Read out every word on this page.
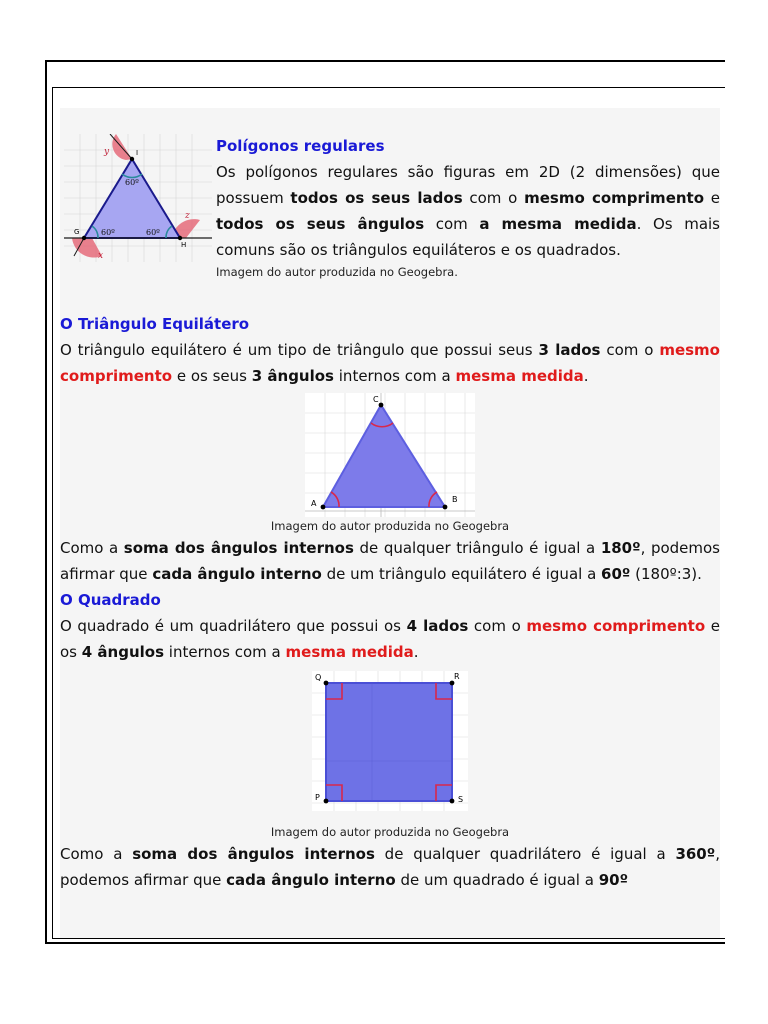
y	I
G
H
x
z
60º
60º	60º

Polígonos regulares

Os polígonos regulares são figuras em 2D (2 dimensões) que possuem todos os seus lados com o mesmo comprimento e todos os seus ângulos com a mesma medida. Os mais comuns são os triângulos equiláteros e os quadrados.

Imagem do autor produzida no Geogebra.

O Triângulo Equilátero

O triângulo equilátero é um tipo de triângulo que possui seus 3 lados com o mesmo comprimento e os seus 3 ângulos internos com a mesma medida.

C
A	B

Imagem do autor produzida no Geogebra

Como a soma dos ângulos internos de qualquer triângulo é igual a 180º, podemos afirmar que cada ângulo interno de um triângulo equilátero é igual a 60º (180º:3).

O Quadrado

O quadrado é um quadrilátero que possui os 4 lados com o mesmo comprimento e os 4 ângulos internos com a mesma medida.

Q	R
P	S

Imagem do autor produzida no Geogebra

Como a soma dos ângulos internos de qualquer quadrilátero é igual a 360º, podemos afirmar que cada ângulo interno de um quadrado é igual a 90º
